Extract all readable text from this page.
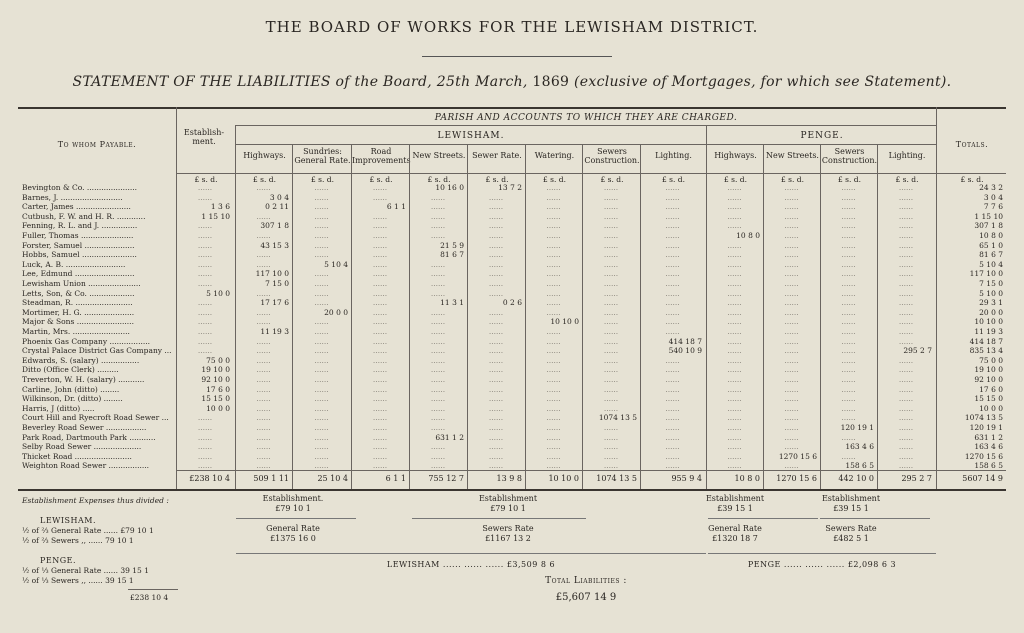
THE BOARD OF WORKS FOR THE LEWISHAM DISTRICT.
STATEMENT OF THE LIABILITIES of the Board, 25th March, 1869 (exclusive of Mortgages, for which see Statement).
To whom Payable.
Establish-ment.
PARISH AND ACCOUNTS TO WHICH THEY ARE CHARGED.
LEWISHAM.	PENGE.
Totals.
Highways.	Sundries: General Rate.
Road Improvements
New Streets. Sewer Rate.	Watering.	Sewers Construction.
Lighting.	Highways.	New Streets.	Sewers Construction.
Lighting.
£ s. d.	£ s. d.	£ s. d.	£ s. d.	£ s. d.	£ s. d.	£ s. d.	£ s. d.	£ s. d.	£ s. d.	£ s. d.	£ s. d.	£ s. d.	£ s. d.
Bevington & Co. .....................	......	......	......	......	10 16 0	13 7 2	......	......	......	......	......	......	......	24 3 2
Barnes, J. ..........................	......	3 0 4	......	......	......	......	......	......	......	......	......	......	......	3 0 4
Carter, James .......................	1 3 6	0 2 11	......	6 1 1	......	......	......	......	......	......	......	......	......	7 7 6
Cutbush, F. W. and H. R. ............	1 15 10	......	......	......	......	......	......	......	......	......	......	......	......	1 15 10
Fenning, R. L. and J. ...............	......	307 1 8	......	......	......	......	......	......	......	......	......	......	......	307 1 8
Fuller, Thomas ......................	......	......	......	......	......	......	......	......	......	10 8 0	......	......	......	10 8 0
Forster, Samuel .....................	......	43 15 3	......	......	21 5 9	......	......	......	......	......	......	......	......	65 1 0
Hobbs, Samuel .......................	......	......	......	......	81 6 7	......	......	......	......	......	......	......	......	81 6 7
Luck, A. B. .........................	......	......	5 10 4	......	......	......	......	......	......	......	......	......	......	5 10 4
Lee, Edmund .........................	......	117 10 0	......	......	......	......	......	......	......	......	......	......	......	117 10 0
Lewisham Union ......................	......	7 15 0	......	......	......	......	......	......	......	......	......	......	......	7 15 0
Letts, Son, & Co. ...................	5 10 0	......	......	......	......	......	......	......	......	......	......	......	......	5 10 0
Steadman, R. ........................	......	17 17 6	......	......	11 3 1	0 2 6	......	......	......	......	......	......	......	29 3 1
Mortimer, H. G. .....................	......	......	20 0 0	......	......	......	......	......	......	......	......	......	......	20 0 0
Major & Sons ........................	......	......	......	......	......	......	10 10 0	......	......	......	......	......	......	10 10 0
Martin, Mrs. ........................	......	11 19 3	......	......	......	......	......	......	......	......	......	......	......	11 19 3
Phoenix Gas Company .................	......	......	......	......	......	......	......	......	414 18 7	......	......	......	......	414 18 7
Crystal Palace District Gas Company ...	......	......	......	......	......	......	......	......	540 10 9	......	......	......	295 2 7	835 13 4
Edwards, S. (salary) ................	75 0 0	......	......	......	......	......	......	......	......	......	......	......	......	75 0 0
Ditto (Office Clerk) .........	19 10 0	......	......	......	......	......	......	......	......	......	......	......	......	19 10 0
Treverton, W. H. (salary) ...........	92 10 0	......	......	......	......	......	......	......	......	......	......	......	......	92 10 0
Carline, John (ditto) ........	17 6 0	......	......	......	......	......	......	......	......	......	......	......	......	17 6 0
Wilkinson, Dr. (ditto) ........	15 15 0	......	......	......	......	......	......	......	......	......	......	......	......	15 15 0
Harris, J (ditto) .....	10 0 0	......	......	......	......	......	......	......	......	......	......	......	......	10 0 0
Court Hill and Ryecroft Road Sewer ...	......	......	......	......	......	......	......	1074 13 5	......	......	......	......	......	1074 13 5
Beverley Road Sewer .................	......	......	......	......	......	......	......	......	......	......	......	120 19 1	......	120 19 1
Park Road, Dartmouth Park ...........	......	......	......	......	631 1 2	......	......	......	......	......	......	......	......	631 1 2
Selby Road Sewer ....................	......	......	......	......	......	......	......	......	......	......	......	163 4 6	......	163 4 6
Thicket Road ........................	......	......	......	......	......	......	......	......	......	......	1270 15 6	......	......	1270 15 6
Weighton Road Sewer .................	......	......	......	......	......	......	......	......	......	......	......	158 6 5	......	158 6 5
£238 10 4	509 1 11	25 10 4	6 1 1	755 12 7	13 9 8	10 10 0	1074 13 5	955 9 4	10 8 0	1270 15 6	442 10 0	295 2 7	5607 14 9
Establishment Expenses thus divided :
LEWISHAM.
½ of ⅔ General Rate ...... £79 10 1
½ of ⅔ Sewers ,, ...... 79 10 1
PENGE.
½ of ⅓ General Rate ...... 39 15 1
½ of ⅓ Sewers ,, ...... 39 15 1
£238 10 4
Establishment.
£79 10 1
General Rate
£1375 16 0
Establishment
£79 10 1
Sewers Rate
£1167 13 2
Establishment
£39 15 1
General Rate
£1320 18 7
Establishment
£39 15 1
Sewers Rate
£482 5 1
LEWISHAM ...... ...... ...... £3,509 8 6	PENGE ...... ...... ...... £2,098 6 3
Total Liabilities :
£5,607 14 9
